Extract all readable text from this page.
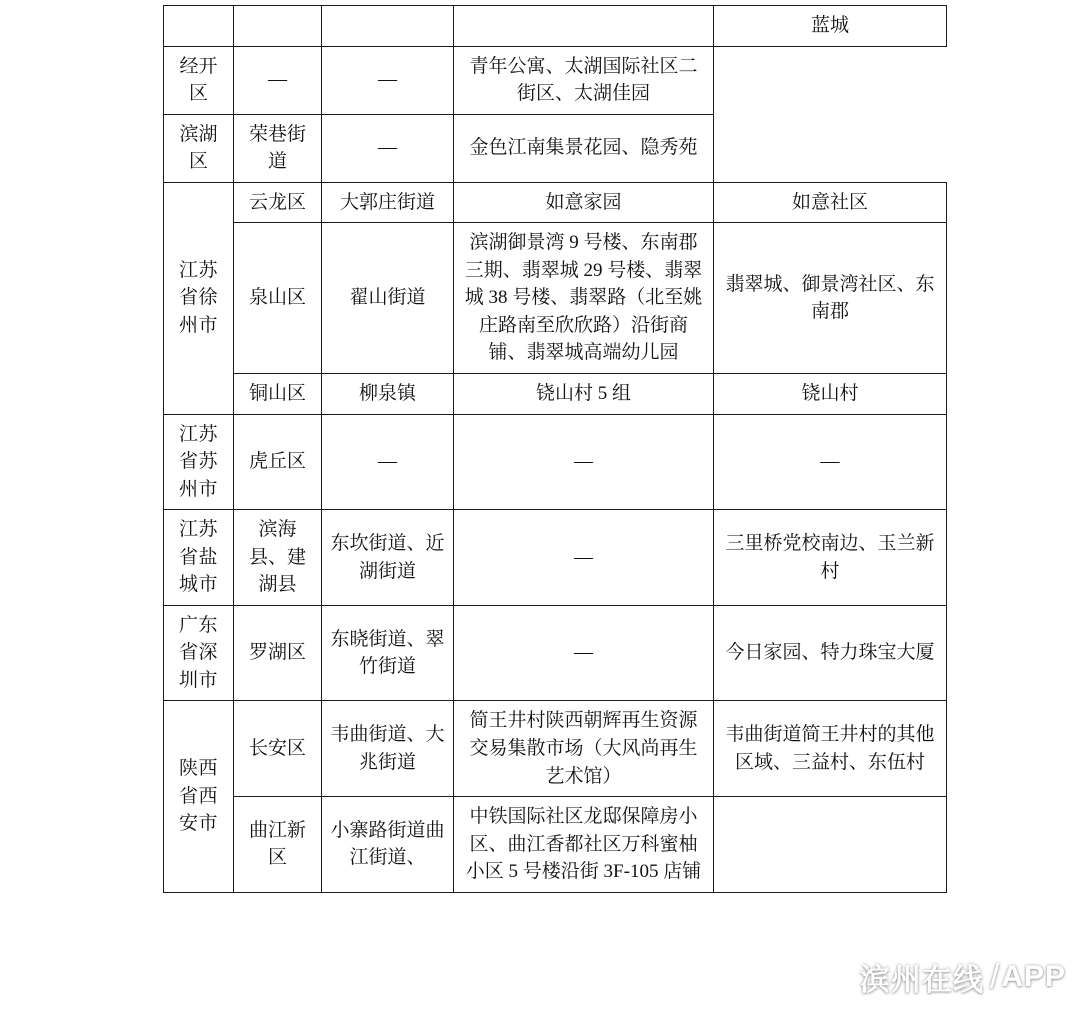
				蓝城
经开区	—	—	青年公寓、太湖国际社区二街区、太湖佳园	
滨湖区	荣巷街道	—	金色江南集景花园、隐秀苑	
江苏省徐州市	云龙区	大郭庄街道	如意家园	如意社区
	泉山区	翟山街道	滨湖御景湾 9 号楼、东南郡三期、翡翠城 29 号楼、翡翠城 38 号楼、翡翠路（北至姚庄路南至欣欣路）沿街商铺、翡翠城高端幼儿园	翡翠城、御景湾社区、东南郡
	铜山区	柳泉镇	铙山村 5 组	铙山村
江苏省苏州市	虎丘区	—	—	—
江苏省盐城市	滨海县、建湖县	东坎街道、近湖街道	—	三里桥党校南边、玉兰新村
广东省深圳市	罗湖区	东晓街道、翠竹街道	—	今日家园、特力珠宝大厦
陕西省西安市	长安区	韦曲街道、大兆街道	简王井村陕西朝辉再生资源交易集散市场（大风尚再生艺术馆）	韦曲街道简王井村的其他区域、三益村、东伍村
	曲江新区	小寨路街道曲江街道、	中铁国际社区龙邸保障房小区、曲江香都社区万科蜜柚小区 5 号楼沿街 3F-105 店铺	
滨州在线 / APP
